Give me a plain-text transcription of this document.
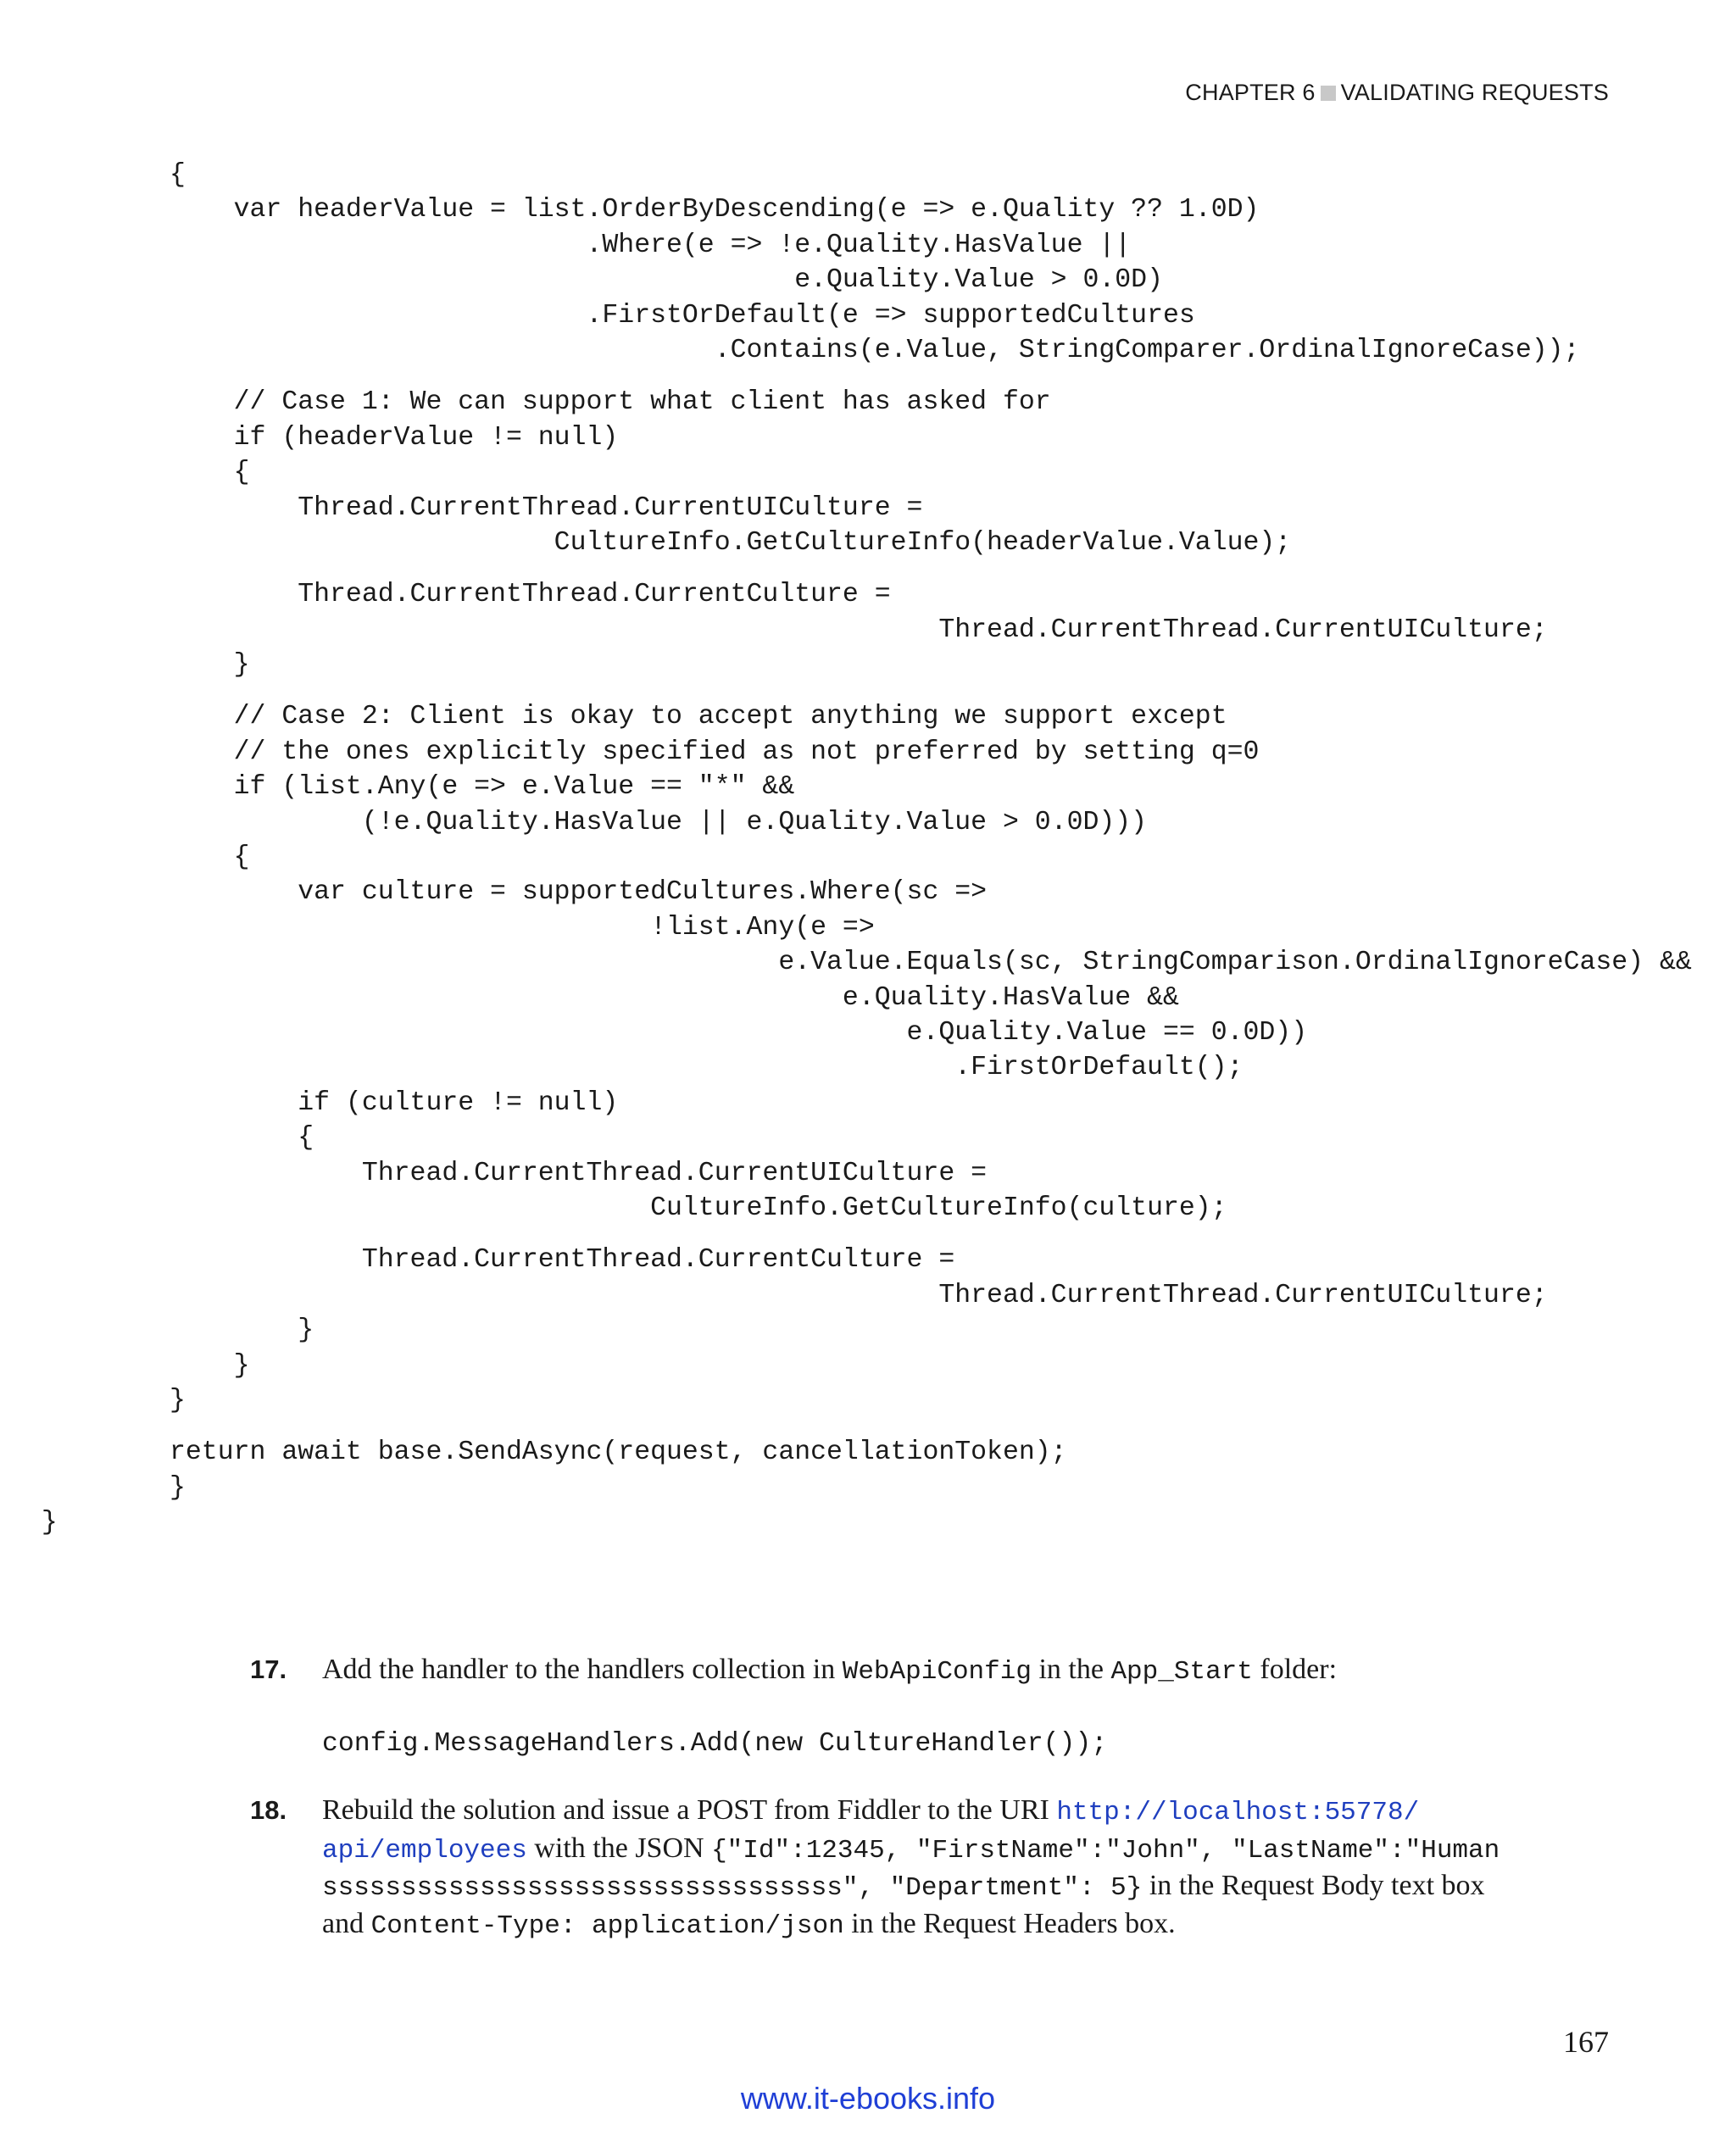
CHAPTER 6 VALIDATING REQUESTS
{
var headerValue = list.OrderByDescending(e => e.Quality ?? 1.0D)
.Where(e => !e.Quality.HasValue ||
e.Quality.Value > 0.0D)
.FirstOrDefault(e => supportedCultures
.Contains(e.Value, StringComparer.OrdinalIgnoreCase));
// Case 1: We can support what client has asked for
if (headerValue != null)
{
Thread.CurrentThread.CurrentUICulture =
CultureInfo.GetCultureInfo(headerValue.Value);
Thread.CurrentThread.CurrentCulture =
Thread.CurrentThread.CurrentUICulture;
}
// Case 2: Client is okay to accept anything we support except
// the ones explicitly specified as not preferred by setting q=0
if (list.Any(e => e.Value == "*" &&
(!e.Quality.HasValue || e.Quality.Value > 0.0D)))
{
var culture = supportedCultures.Where(sc =>
!list.Any(e =>
e.Value.Equals(sc, StringComparison.OrdinalIgnoreCase) &&
e.Quality.HasValue &&
e.Quality.Value == 0.0D))
.FirstOrDefault();
if (culture != null)
{
Thread.CurrentThread.CurrentUICulture =
CultureInfo.GetCultureInfo(culture);
Thread.CurrentThread.CurrentCulture =
Thread.CurrentThread.CurrentUICulture;
}
}
}
return await base.SendAsync(request, cancellationToken);
}
}
17. Add the handler to the handlers collection in WebApiConfig in the App_Start folder:
config.MessageHandlers.Add(new CultureHandler());
18. Rebuild the solution and issue a POST from Fiddler to the URI http://localhost:55778/
api/employees with the JSON {"Id":12345, "FirstName":"John", "LastName":"Human
sssssssssssssssssssssssssssssssss", "Department": 5} in the Request Body text box
and Content-Type: application/json in the Request Headers box.
167
www.it-ebooks.info
